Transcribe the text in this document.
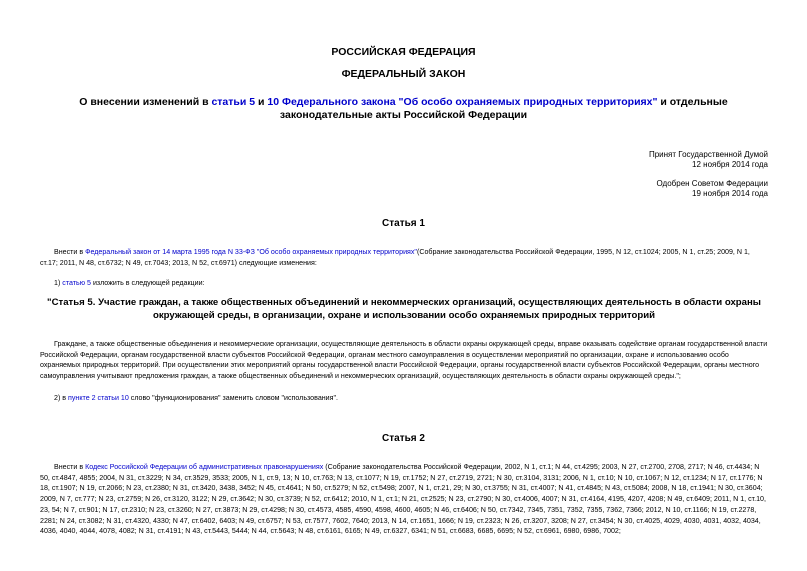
РОССИЙСКАЯ ФЕДЕРАЦИЯ
ФЕДЕРАЛЬНЫЙ ЗАКОН
О внесении изменений в статьи 5 и 10 Федерального закона "Об особо охраняемых природных территориях" и отдельные законодательные акты Российской Федерации
Принят Государственной Думой
12 ноября 2014 года
Одобрен Советом Федерации
19 ноября 2014 года
Статья 1
Внести в Федеральный закон от 14 марта 1995 года N 33-ФЗ "Об особо охраняемых природных территориях"(Собрание законодательства Российской Федерации, 1995, N 12, ст.1024; 2005, N 1, ст.25; 2009, N 1, ст.17; 2011, N 48, ст.6732; N 49, ст.7043; 2013, N 52, ст.6971) следующие изменения:
1) статью 5 изложить в следующей редакции:
"Статья 5. Участие граждан, а также общественных объединений и некоммерческих организаций, осуществляющих деятельность в области охраны окружающей среды, в организации, охране и использовании особо охраняемых природных территорий
Граждане, а также общественные объединения и некоммерческие организации, осуществляющие деятельность в области охраны окружающей среды, вправе оказывать содействие органам государственной власти Российской Федерации, органам государственной власти субъектов Российской Федерации, органам местного самоуправления в осуществлении мероприятий по организации, охране и использованию особо охраняемых природных территорий. При осуществлении этих мероприятий органы государственной власти Российской Федерации, органы государственной власти субъектов Российской Федерации, органы местного самоуправления учитывают предложения граждан, а также общественных объединений и некоммерческих организаций, осуществляющих деятельность в области охраны окружающей среды.";
2) в пункте 2 статьи 10 слово "функционирования" заменить словом "использования".
Статья 2
Внести в Кодекс Российской Федерации об административных правонарушениях (Собрание законодательства Российской Федерации, 2002, N 1, ст.1; N 44, ст.4295; 2003, N 27, ст.2700, 2708, 2717; N 46, ст.4434; N 50, ст.4847, 4855; 2004, N 31, ст.3229; N 34, ст.3529, 3533; 2005, N 1, ст.9, 13; N 10, ст.763; N 13, ст.1077; N 19, ст.1752; N 27, ст.2719, 2721; N 30, ст.3104, 3131; 2006, N 1, ст.10; N 10, ст.1067; N 12, ст.1234; N 17, ст.1776; N 18, ст.1907; N 19, ст.2066; N 23, ст.2380; N 31, ст.3420, 3438, 3452; N 45, ст.4641; N 50, ст.5279; N 52, ст.5498; 2007, N 1, ст.21, 29; N 30, ст.3755; N 31, ст.4007; N 41, ст.4845; N 43, ст.5084; 2008, N 18, ст.1941; N 30, ст.3604; 2009, N 7, ст.777; N 23, ст.2759; N 26, ст.3120, 3122; N 29, ст.3642; N 30, ст.3739; N 52, ст.6412; 2010, N 1, ст.1; N 21, ст.2525; N 23, ст.2790; N 30, ст.4006, 4007; N 31, ст.4164, 4195, 4207, 4208; N 49, ст.6409; 2011, N 1, ст.10, 23, 54; N 7, ст.901; N 17, ст.2310; N 23, ст.3260; N 27, ст.3873; N 29, ст.4298; N 30, ст.4573, 4585, 4590, 4598, 4600, 4605; N 46, ст.6406; N 50, ст.7342, 7345, 7351, 7352, 7355, 7362, 7366; 2012, N 10, ст.1166; N 19, ст.2278, 2281; N 24, ст.3082; N 31, ст.4320, 4330; N 47, ст.6402, 6403; N 49, ст.6757; N 53, ст.7577, 7602, 7640; 2013, N 14, ст.1651, 1666; N 19, ст.2323; N 26, ст.3207, 3208; N 27, ст.3454; N 30, ст.4025, 4029, 4030, 4031, 4032, 4034, 4036, 4040, 4044, 4078, 4082; N 31, ст.4191; N 43, ст.5443, 5444; N 44, ст.5643; N 48, ст.6161, 6165; N 49, ст.6327, 6341; N 51, ст.6683, 6685, 6695; N 52, ст.6961, 6980, 6986, 7002;
